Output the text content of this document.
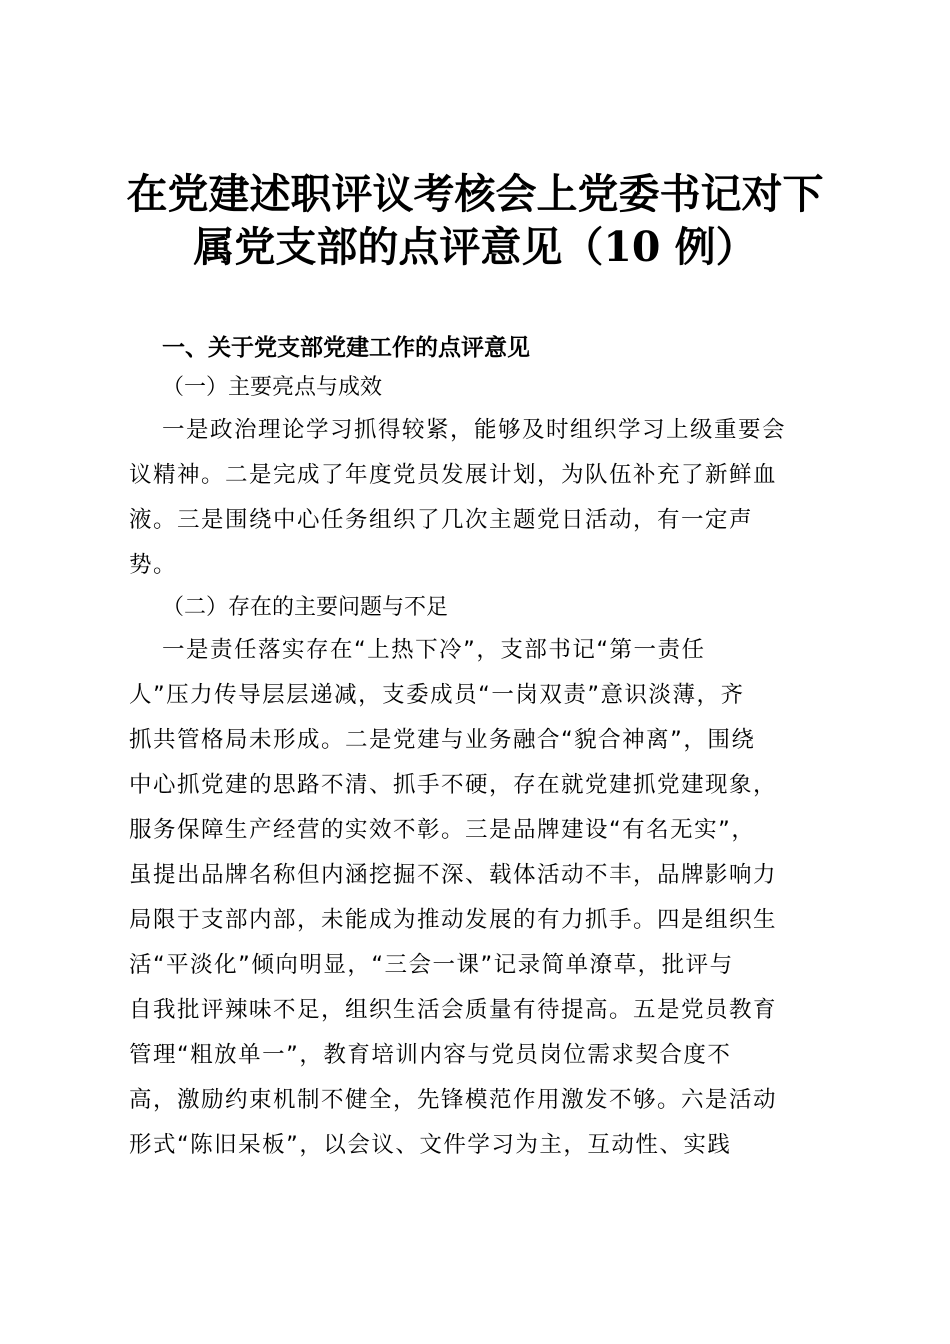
在党建述职评议考核会上党委书记对下
属党支部的点评意见（10 例）
一、关于党支部党建工作的点评意见
（一）主要亮点与成效
一是政治理论学习抓得较紧，能够及时组织学习上级重要会
议精神。二是完成了年度党员发展计划，为队伍补充了新鲜血
液。三是围绕中心任务组织了几次主题党日活动，有一定声
势。
（二）存在的主要问题与不足
一是责任落实存在“上热下冷”，支部书记“第一责任
人”压力传导层层递减，支委成员“一岗双责”意识淡薄，齐
抓共管格局未形成。二是党建与业务融合“貌合神离”，围绕
中心抓党建的思路不清、抓手不硬，存在就党建抓党建现象，
服务保障生产经营的实效不彰。三是品牌建设“有名无实”，
虽提出品牌名称但内涵挖掘不深、载体活动不丰，品牌影响力
局限于支部内部，未能成为推动发展的有力抓手。四是组织生
活“平淡化”倾向明显，“三会一课”记录简单潦草，批评与
自我批评辣味不足，组织生活会质量有待提高。五是党员教育
管理“粗放单一”，教育培训内容与党员岗位需求契合度不
高，激励约束机制不健全，先锋模范作用激发不够。六是活动
形式“陈旧呆板”，以会议、文件学习为主，互动性、实践
